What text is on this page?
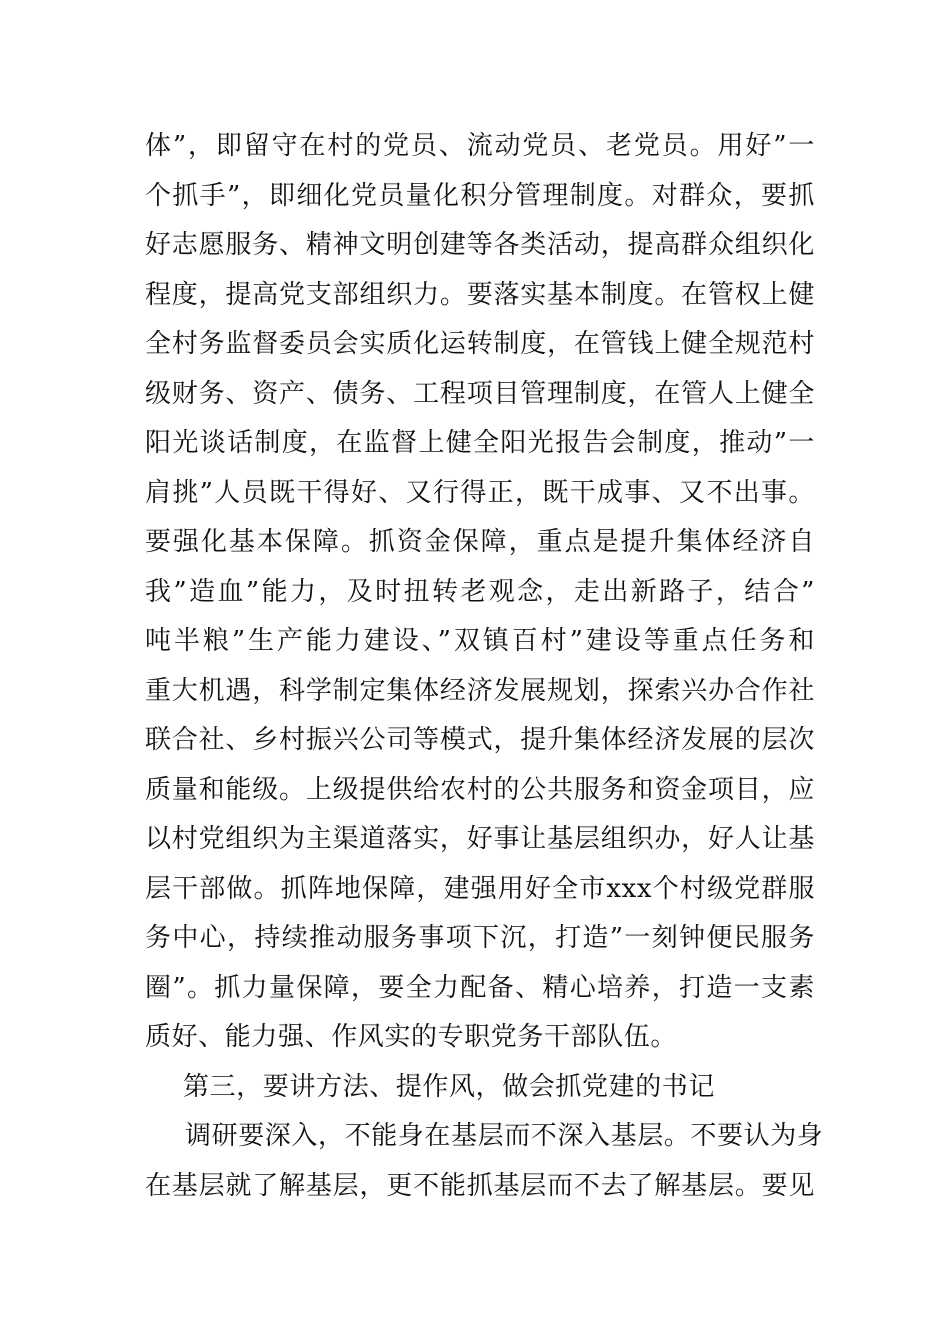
体”，即留守在村的党员、流动党员、老党员。用好”一
个抓手”，即细化党员量化积分管理制度。对群众，要抓
好志愿服务、精神文明创建等各类活动，提高群众组织化
程度，提高党支部组织力。要落实基本制度。在管权上健
全村务监督委员会实质化运转制度，在管钱上健全规范村
级财务、资产、债务、工程项目管理制度，在管人上健全
阳光谈话制度，在监督上健全阳光报告会制度，推动”一
肩挑”人员既干得好、又行得正，既干成事、又不出事。
要强化基本保障。抓资金保障，重点是提升集体经济自
我”造血”能力，及时扭转老观念，走出新路子，结合”
吨半粮”生产能力建设、”双镇百村”建设等重点任务和
重大机遇，科学制定集体经济发展规划，探索兴办合作社
联合社、乡村振兴公司等模式，提升集体经济发展的层次
质量和能级。上级提供给农村的公共服务和资金项目，应
以村党组织为主渠道落实，好事让基层组织办，好人让基
层干部做。抓阵地保障，建强用好全市xxx个村级党群服
务中心，持续推动服务事项下沉，打造”一刻钟便民服务
圈”。抓力量保障，要全力配备、精心培养，打造一支素
质好、能力强、作风实的专职党务干部队伍。
第三，要讲方法、提作风，做会抓党建的书记
调研要深入，不能身在基层而不深入基层。不要认为身
在基层就了解基层，更不能抓基层而不去了解基层。要见
